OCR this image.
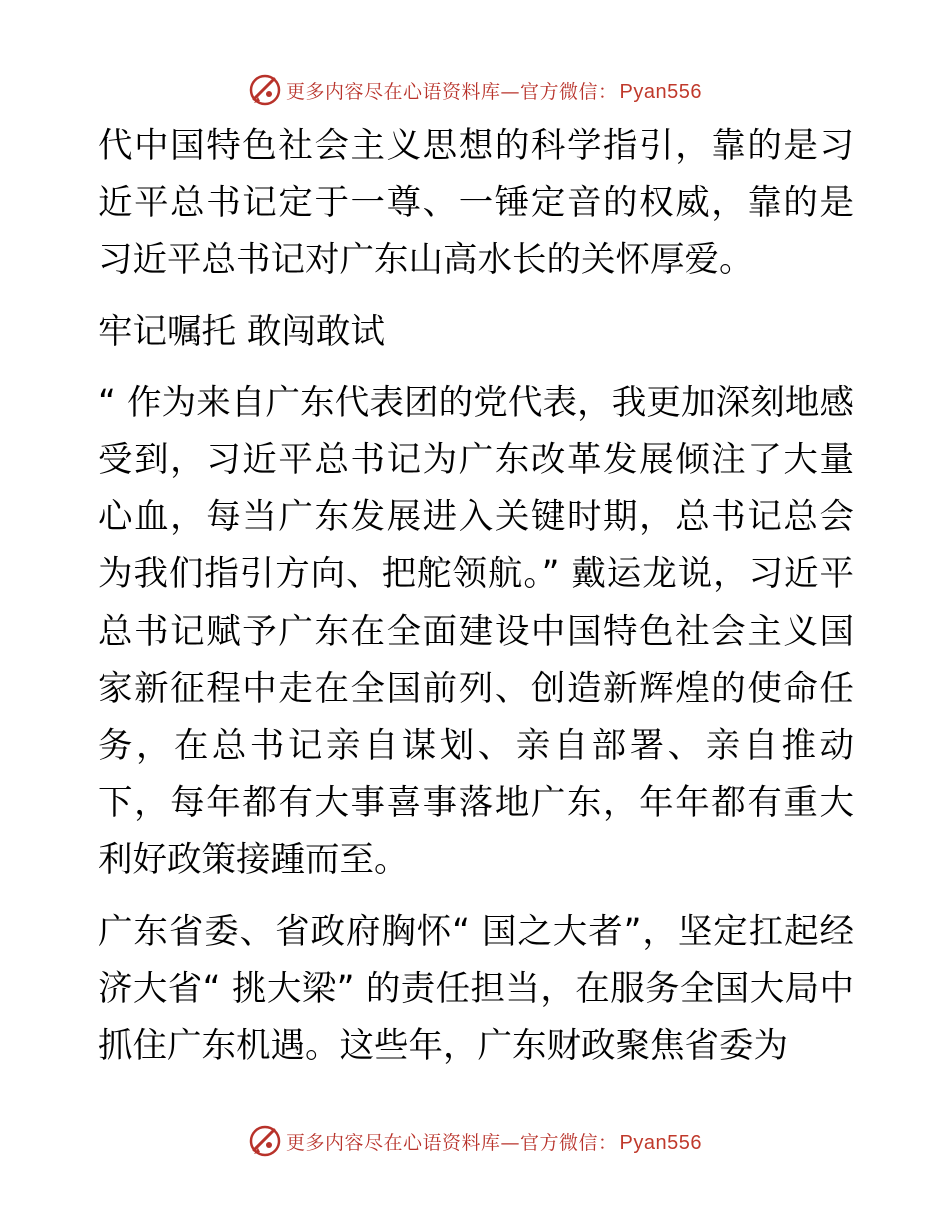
更多内容尽在心语资料库—官方微信： Pyan556

代中国特色社会主义思想的科学指引，靠的是习近平总书记定于一尊、一锤定音的权威，靠的是习近平总书记对广东山高水长的关怀厚爱。

牢记嘱托 敢闯敢试

“ 作为来自广东代表团的党代表，我更加深刻地感受到，习近平总书记为广东改革发展倾注了大量心血，每当广东发展进入关键时期，总书记总会为我们指引方向、把舵领航。” 戴运龙说，习近平总书记赋予广东在全面建设中国特色社会主义国家新征程中走在全国前列、创造新辉煌的使命任务，在总书记亲自谋划、亲自部署、亲自推动下，每年都有大事喜事落地广东，年年都有重大利好政策接踵而至。

广东省委、省政府胸怀“ 国之大者”，坚定扛起经济大省“ 挑大梁” 的责任担当，在服务全国大局中抓住广东机遇。这些年，广东财政聚焦省委为

更多内容尽在心语资料库—官方微信： Pyan556
